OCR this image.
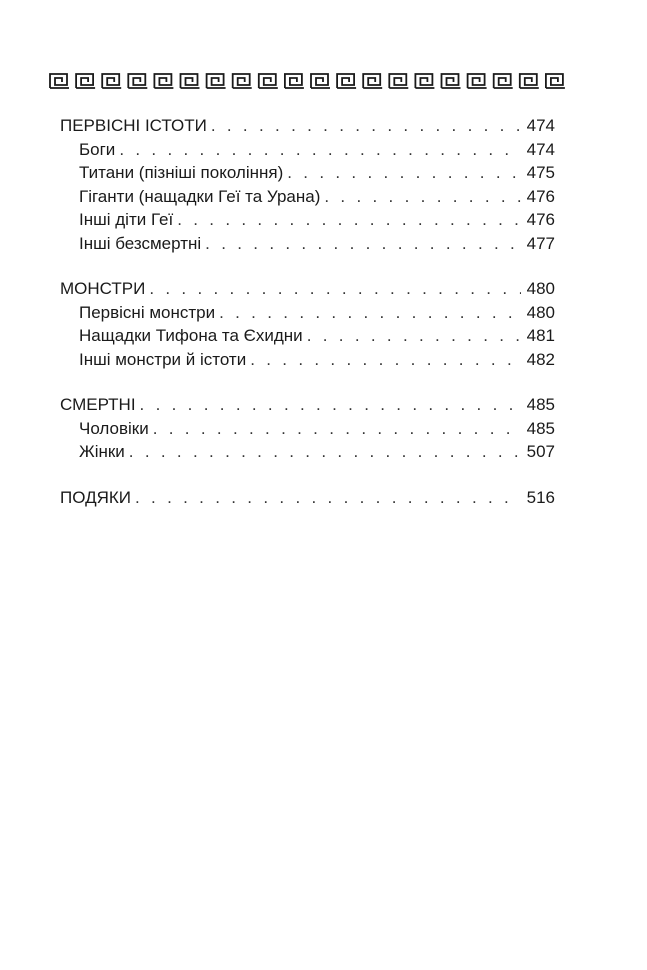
ПЕРВІСНІ ІСТОТИ . . .	474
Боги . . .	474
Титани (пізніші покоління) . . .	475
Гіганти (нащадки Геї та Урана) . . .	476
Інші діти Геї . . .	476
Інші безсмертні . . .	477
МОНСТРИ . . .	480
Первісні монстри . . .	480
Нащадки Тифона та Єхидни . . .	481
Інші монстри й істоти . . .	482
СМЕРТНІ . . .	485
Чоловіки . . .	485
Жінки . . .	507
ПОДЯКИ . . .	516
